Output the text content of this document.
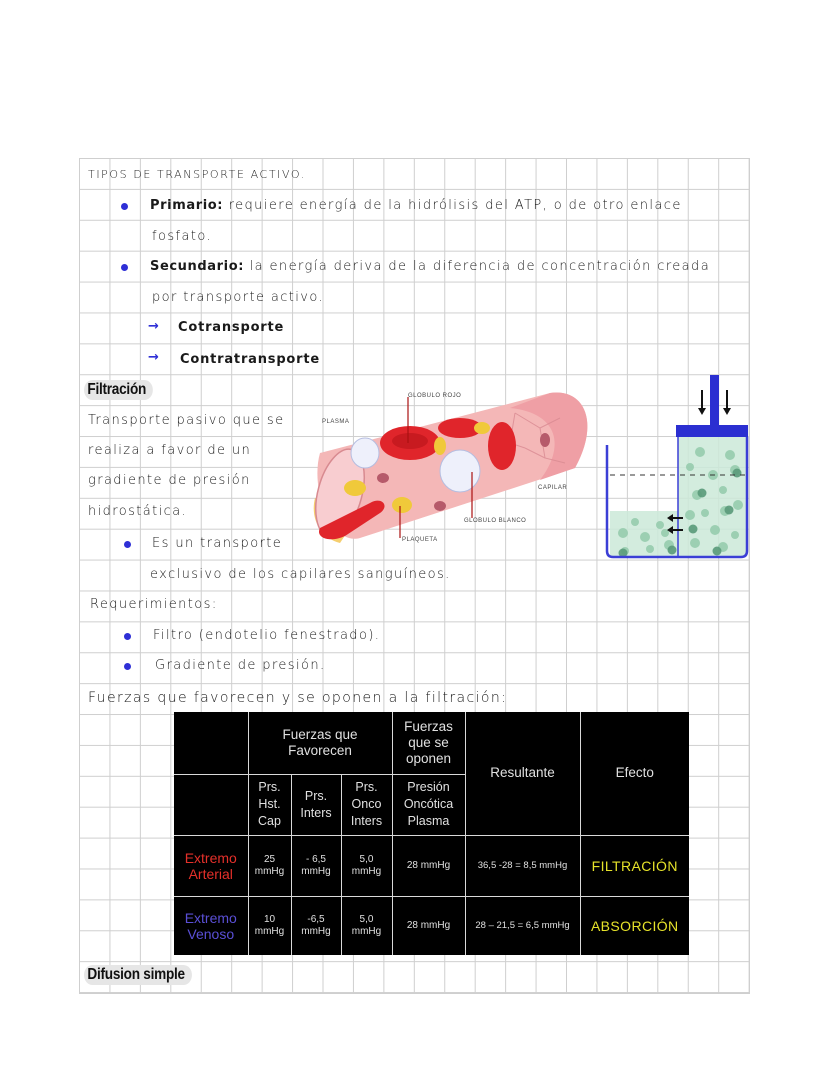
TIPOS DE TRANSPORTE ACTIVO.
Primario: requiere energía de la hidrólisis del ATP, o de otro enlace
fosfato.
Secundario: la energía deriva de la diferencia de concentración creada
por transporte activo.
→ Cotransporte
→ Contratransporte
Filtración
Transporte pasivo que se
realiza a favor de un
gradiente de presión
hidrostática.
Es un transporte
exclusivo de los capilares sanguíneos.
Requerimientos:
Filtro (endotelio fenestrado).
Gradiente de presión.
Fuerzas que favorecen y se oponen a la filtración:
GLOBULO ROJO
PLASMA
CAPILAR
GLOBULO BLANCO
PLAQUETA
	Fuerzas que Favorecen			Fuerzas que se oponen	Resultante	Efecto
	Prs. Hst. Cap	Prs. Inters	Prs. Onco Inters	Presión Oncótica Plasma		
Extremo Arterial	25 mmHg	- 6,5 mmHg	5,0 mmHg	28 mmHg	36,5 -28 = 8,5 mmHg	FILTRACIÓN
Extremo Venoso	10 mmHg	-6,5 mmHg	5,0 mmHg	28 mmHg	28 – 21,5 = 6,5 mmHg	ABSORCIÓN
Difusion simple
